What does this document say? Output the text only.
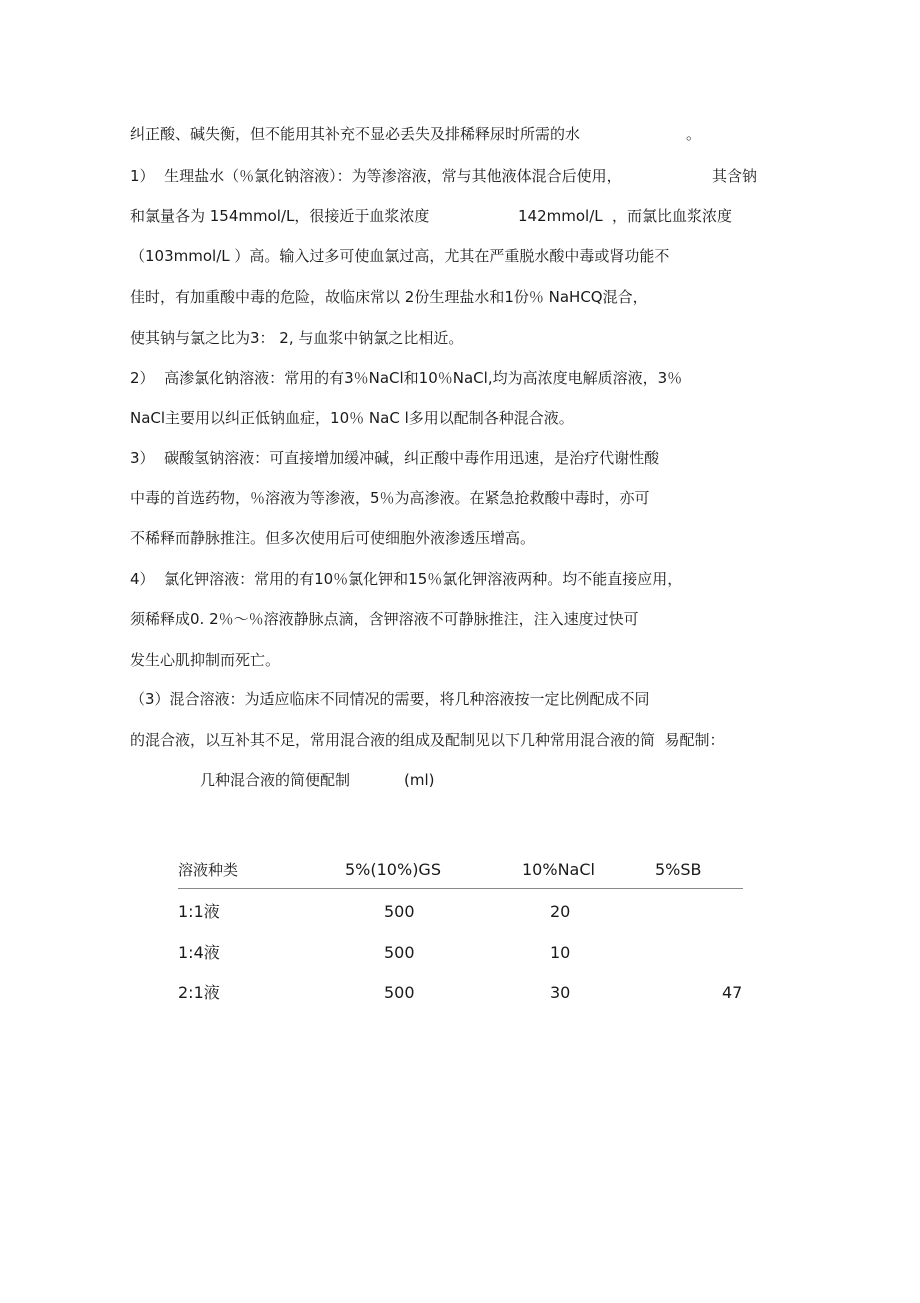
纠正酸、碱失衡，但不能用其补充不显必丢失及排稀释尿时所需的水	。
1）  生理盐水（％氯化钠溶液）：为等渗溶液，常与其他液体混合后使用，	其含钠
和氯量各为 154mmol/L，很接近于血浆浓度	142mmol/L ，而氯比血浆浓度
（103mmol/L ）高。输入过多可使血氯过高，尤其在严重脱水酸中毒或肾功能不
佳时，有加重酸中毒的危险，故临床常以 2份生理盐水和1份％ NaHCQ混合，
使其钠与氯之比为3： 2, 与血浆中钠氯之比相近。
2）  高渗氯化钠溶液：常用的有3％NaCl和10％NaCl,均为高浓度电解质溶液，3％
NaCl主要用以纠正低钠血症，10％ NaC l多用以配制各种混合液。
3）  碳酸氢钠溶液：可直接增加缓冲碱，纠正酸中毒作用迅速，是治疗代谢性酸
中毒的首选药物，％溶液为等渗液，5％为高渗液。在紧急抢救酸中毒时，亦可
不稀释而静脉推注。但多次使用后可使细胞外液渗透压增高。
4）  氯化钾溶液：常用的有10％氯化钾和15％氯化钾溶液两种。均不能直接应用，
须稀释成0. 2％～％溶液静脉点滴，含钾溶液不可静脉推注，注入速度过快可
发生心肌抑制而死亡。
（3）混合溶液：为适应临床不同情况的需要，将几种溶液按一定比例配成不同
的混合液，以互补其不足，常用混合液的组成及配制见以下几种常用混合液的简  易配制：
几种混合液的简便配制	(ml)
溶液种类	5%(10%)GS	10%NaCl	5%SB
1:1液	500	20
1:4液	500	10
2:1液	500	30	47
